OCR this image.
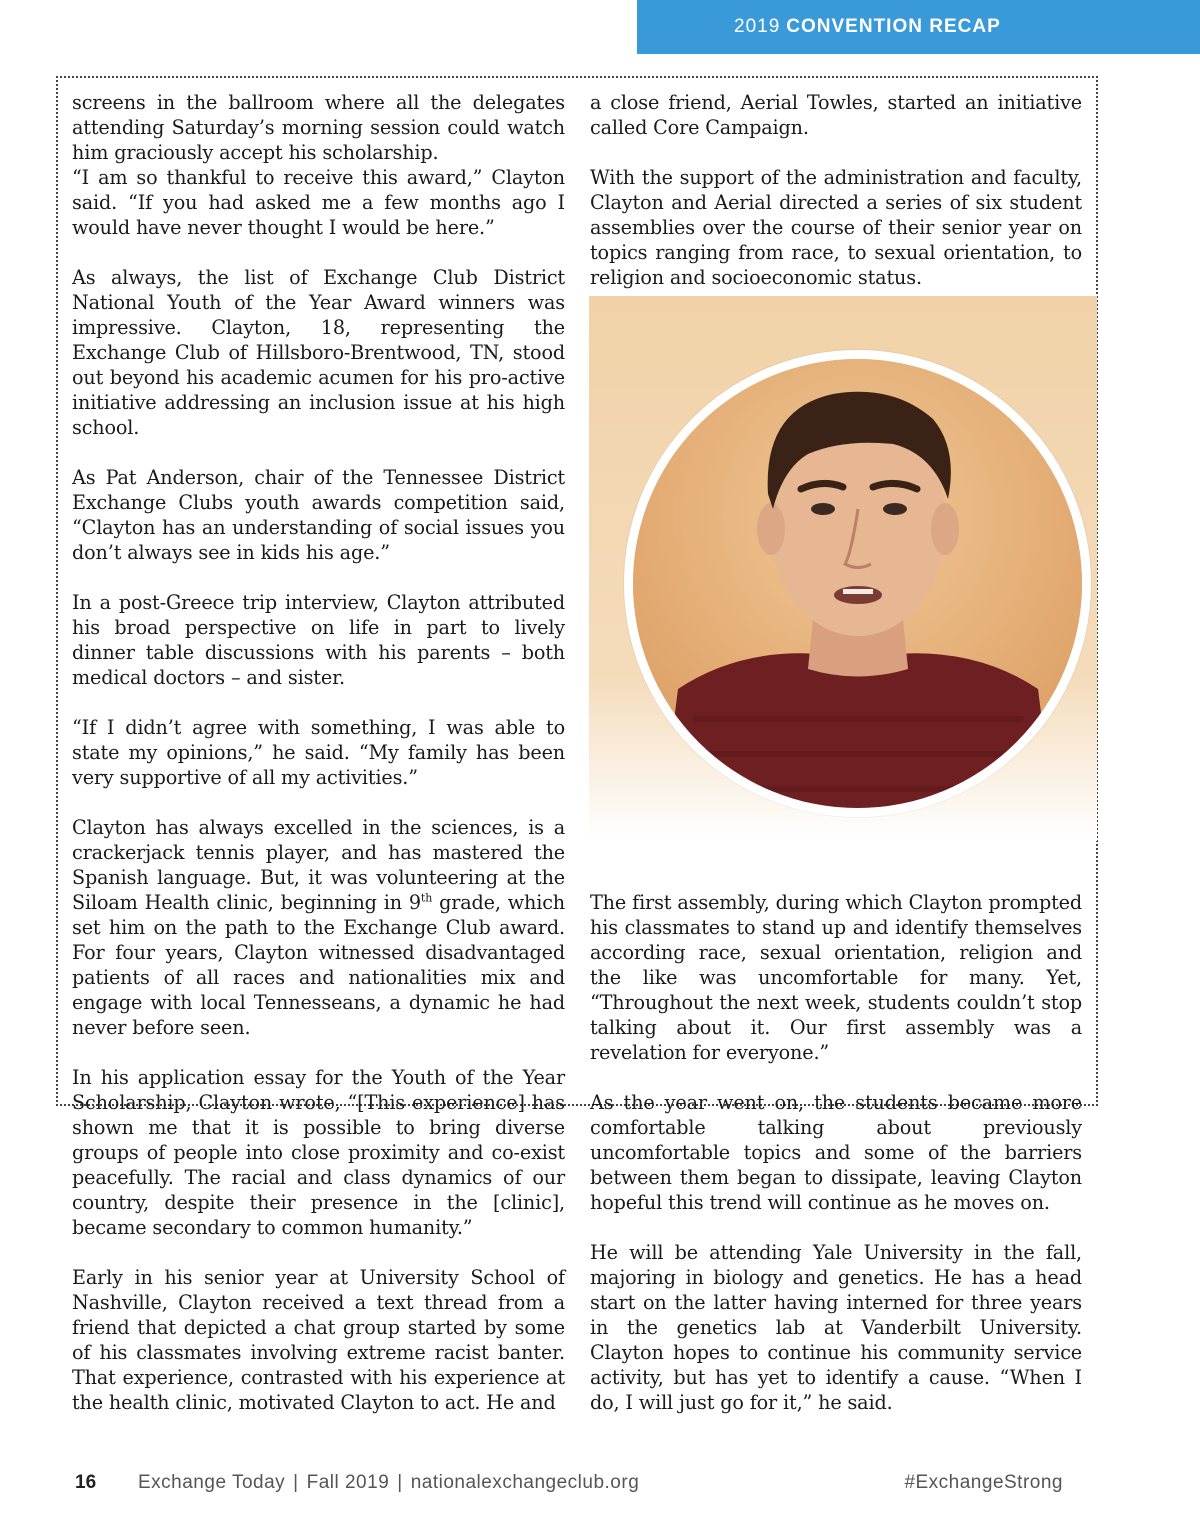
2019 CONVENTION RECAP

screens in the ballroom where all the delegates attending Saturday’s morning session could watch him graciously accept his scholarship.

“I am so thankful to receive this award,” Clayton said. “If you had asked me a few months ago I would have never thought I would be here.”

As always, the list of Exchange Club District National Youth of the Year Award winners was impressive. Clayton, 18, representing the Exchange Club of Hillsboro-Brentwood, TN, stood out beyond his academic acumen for his pro-active initiative addressing an inclusion issue at his high school.

As Pat Anderson, chair of the Tennessee District Exchange Clubs youth awards competition said, “Clayton has an understanding of social issues you don’t always see in kids his age.”

In a post-Greece trip interview, Clayton attributed his broad perspective on life in part to lively dinner table discussions with his parents – both medical doctors – and sister.

“If I didn’t agree with something, I was able to state my opinions,” he said. “My family has been very supportive of all my activities.”

Clayton has always excelled in the sciences, is a crackerjack tennis player, and has mastered the Spanish language. But, it was volunteering at the Siloam Health clinic, beginning in 9th grade, which set him on the path to the Exchange Club award. For four years, Clayton witnessed disadvantaged patients of all races and nationalities mix and engage with local Tennesseans, a dynamic he had never before seen.

In his application essay for the Youth of the Year Scholarship, Clayton wrote, “[This experience] has shown me that it is possible to bring diverse groups of people into close proximity and co-exist peacefully. The racial and class dynamics of our country, despite their presence in the [clinic], became secondary to common humanity.”

Early in his senior year at University School of Nashville, Clayton received a text thread from a friend that depicted a chat group started by some of his classmates involving extreme racist banter. That experience, contrasted with his experience at the health clinic, motivated Clayton to act. He and

a close friend, Aerial Towles, started an initiative called Core Campaign.

With the support of the administration and faculty, Clayton and Aerial directed a series of six student assemblies over the course of their senior year on topics ranging from race, to sexual orientation, to religion and socioeconomic status.

The first assembly, during which Clayton prompted his classmates to stand up and identify themselves according race, sexual orientation, religion and the like was uncomfortable for many. Yet, “Throughout the next week, students couldn’t stop talking about it. Our first assembly was a revelation for everyone.”

As the year went on, the students became more comfortable talking about previously uncomfortable topics and some of the barriers between them began to dissipate, leaving Clayton hopeful this trend will continue as he moves on.

He will be attending Yale University in the fall, majoring in biology and genetics. He has a head start on the latter having interned for three years in the genetics lab at Vanderbilt University. Clayton hopes to continue his community service activity, but has yet to identify a cause. “When I do, I will just go for it,” he said.

16 Exchange Today | Fall 2019 | nationalexchangeclub.org	#ExchangeStrong
